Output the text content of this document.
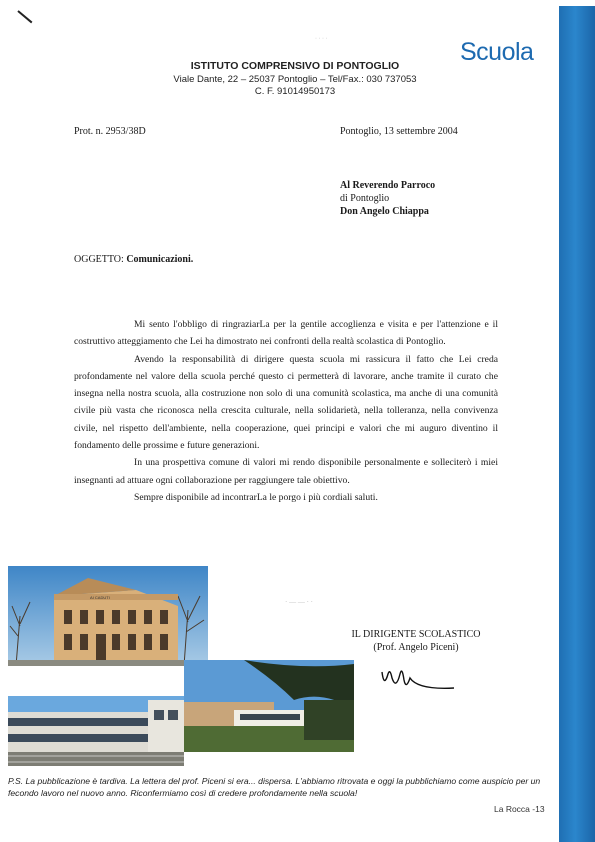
Scuola
· · · ·
ISTITUTO COMPRENSIVO DI PONTOGLIO
Viale Dante, 22 – 25037 Pontoglio – Tel/Fax.: 030 737053
C. F. 91014950173
Prot. n. 2953/38D	Pontoglio, 13 settembre 2004
Al Reverendo Parroco
di Pontoglio
Don Angelo Chiappa
OGGETTO: Comunicazioni.

Mi sento l'obbligo di ringraziarLa per la gentile accoglienza e visita e per l'attenzione e il costruttivo atteggiamento che Lei ha dimostrato nei confronti della realtà scolastica di Pontoglio.

Avendo la responsabilità di dirigere questa scuola mi rassicura il fatto che Lei creda profondamente nel valore della scuola perché questo ci permetterà di lavorare, anche tramite il curato che insegna nella nostra scuola, alla costruzione non solo di una comunità scolastica, ma anche di una comunità civile più vasta che riconosca nella crescita culturale, nella solidarietà, nella tolleranza, nella convivenza civile, nel rispetto dell'ambiente, nella cooperazione, quei principi e valori che mi auguro diventino il fondamento delle prossime e future generazioni.

In una prospettiva comune di valori mi rendo disponibile personalmente e solleciterò i miei insegnanti ad attuare ogni collaborazione per raggiungere tale obiettivo.

Sempre disponibile ad incontrarLa le porgo i più cordiali saluti.

· — — · ·
IL DIRIGENTE SCOLASTICO
(Prof. Angelo Piceni)
AI CADUTI
P.S. La pubblicazione è tardiva. La lettera del prof. Piceni si era... dispersa. L'abbiamo ritrovata e oggi la pubblichiamo come auspicio per un fecondo lavoro nel nuovo anno. Riconfermiamo così di credere profondamente nella scuola!
La Rocca -13
